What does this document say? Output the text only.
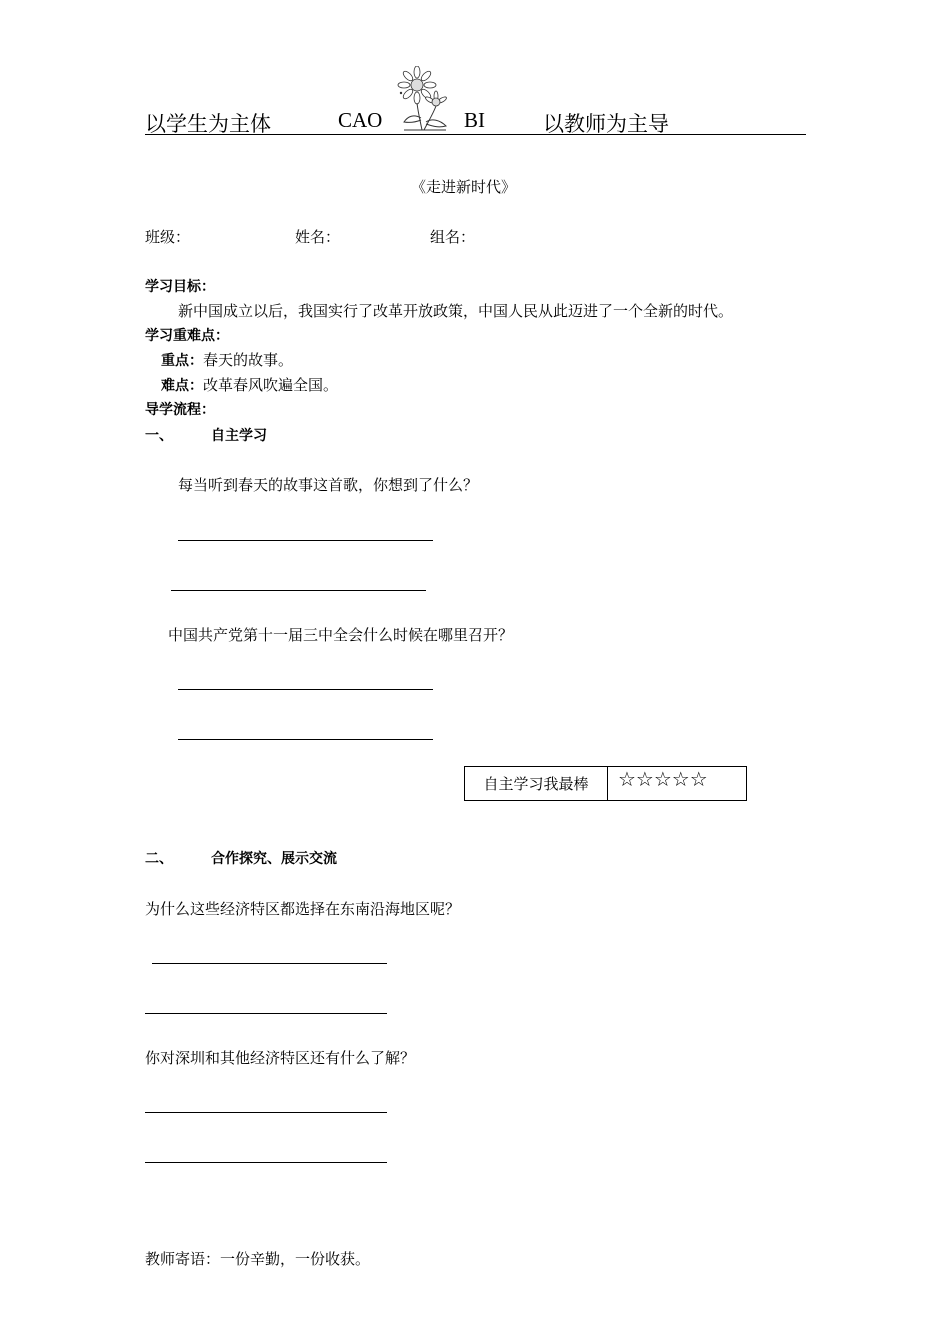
以学生为主体	CAO	BI	以教师为主导
《走进新时代》
班级：	姓名：	组名：
学习目标：
新中国成立以后，我国实行了改革开放政策，中国人民从此迈进了一个全新的时代。
学习重难点：
重点：春天的故事。
难点：改革春风吹遍全国。
导学流程：
一、	自主学习
每当听到春天的故事这首歌，你想到了什么？
中国共产党第十一届三中全会什么时候在哪里召开？
自主学习我最棒	☆☆☆☆☆
二、	合作探究、展示交流
为什么这些经济特区都选择在东南沿海地区呢？
你对深圳和其他经济特区还有什么了解？
教师寄语：一份辛勤，一份收获。
